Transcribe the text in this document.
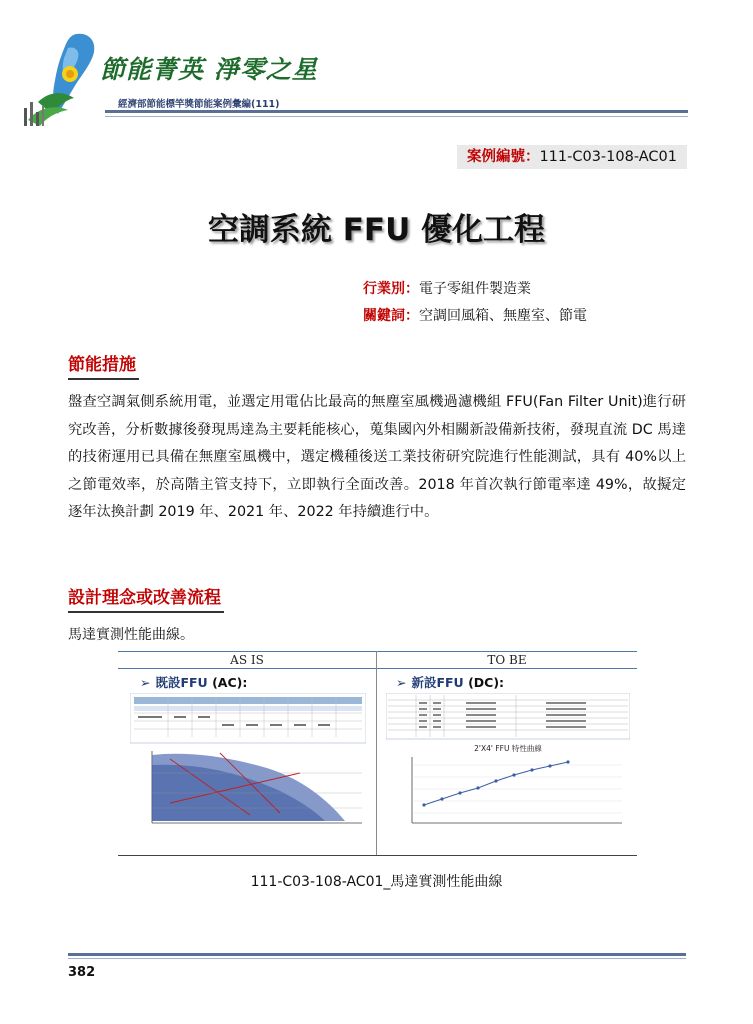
節能菁英 淨零之星
經濟部節能標竿獎節能案例彙編(111)
案例編號：111-C03-108-AC01
空調系統 FFU 優化工程
行業別：電子零組件製造業
關鍵詞：空調回風箱、無塵室、節電
節能措施
盤查空調氣側系統用電，並選定用電佔比最高的無塵室風機過濾機組 FFU(Fan Filter Unit)進行研究改善，分析數據後發現馬達為主要耗能核心，蒐集國內外相關新設備新技術，發現直流 DC 馬達的技術運用已具備在無塵室風機中，選定機種後送工業技術研究院進行性能測試，具有 40%以上之節電效率，於高階主管支持下，立即執行全面改善。2018 年首次執行節電率達 49%，故擬定逐年汰換計劃 2019 年、2021 年、2022 年持續進行中。
設計理念或改善流程
馬達實測性能曲線。
AS IS	TO BE
➢ 既設FFU (AC):	➢ 新設FFU (DC):
2'X4' FFU 特性曲線
111-C03-108-AC01_馬達實測性能曲線
382
